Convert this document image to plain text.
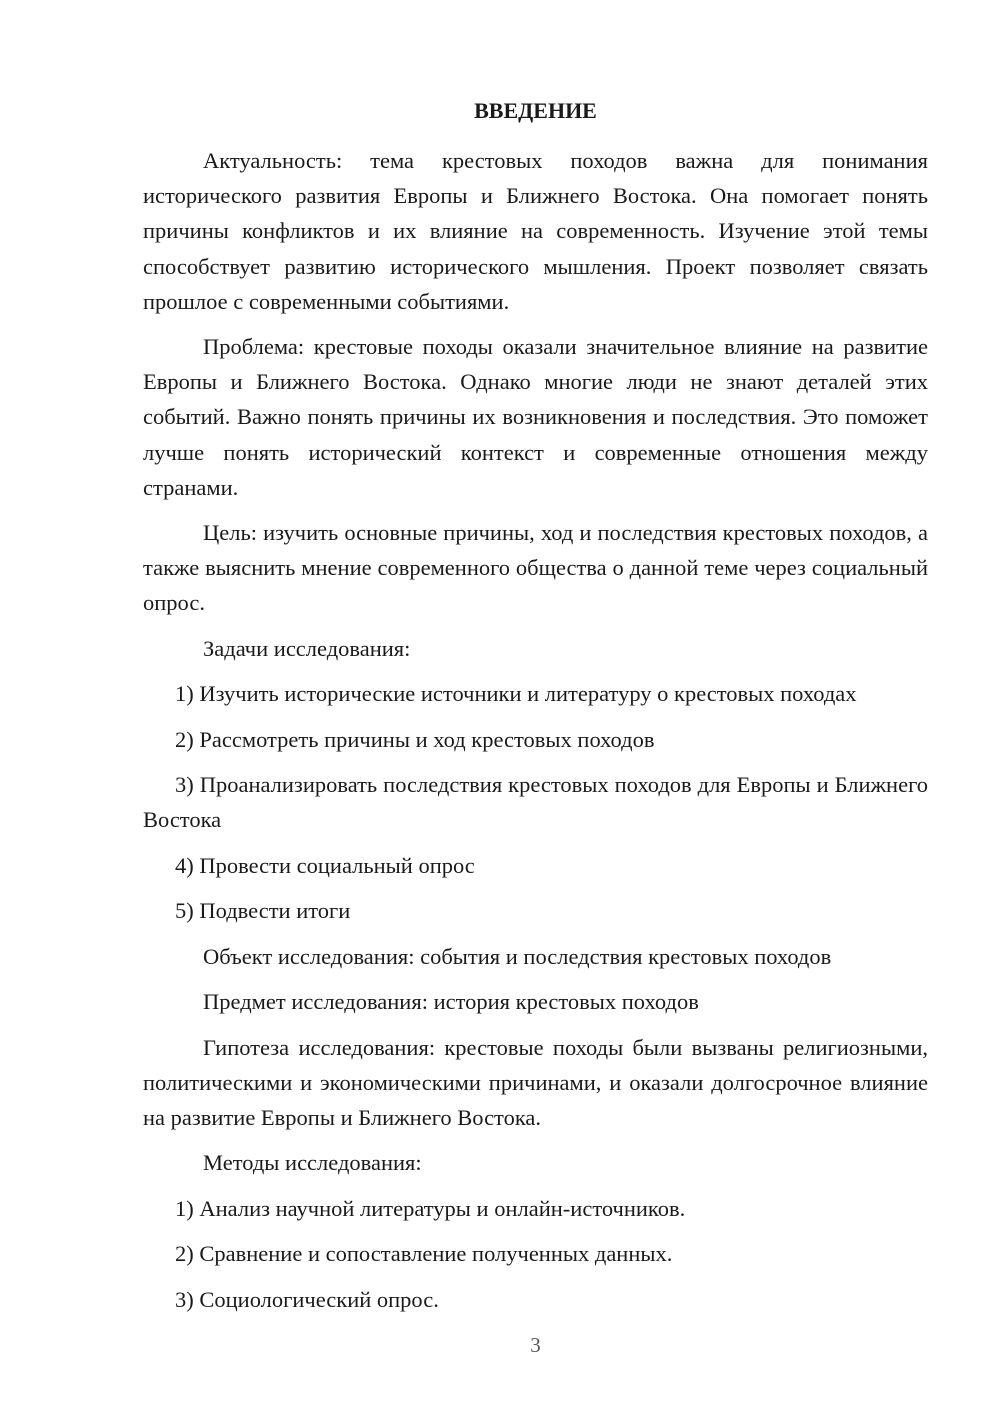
ВВЕДЕНИЕ

Актуальность: тема крестовых походов важна для понимания исторического развития Европы и Ближнего Востока. Она помогает понять причины конфликтов и их влияние на современность. Изучение этой темы способствует развитию исторического мышления. Проект позволяет связать прошлое с современными событиями.

Проблема: крестовые походы оказали значительное влияние на развитие Европы и Ближнего Востока. Однако многие люди не знают деталей этих событий. Важно понять причины их возникновения и последствия. Это поможет лучше понять исторический контекст и современные отношения между странами.

Цель: изучить основные причины, ход и последствия крестовых походов, а также выяснить мнение современного общества о данной теме через социальный опрос.

Задачи исследования:

1) Изучить исторические источники и литературу о крестовых походах

2) Рассмотреть причины и ход крестовых походов

3) Проанализировать последствия крестовых походов для Европы и Ближнего Востока

4) Провести социальный опрос

5) Подвести итоги

Объект исследования: события и последствия крестовых походов

Предмет исследования: история крестовых походов

Гипотеза исследования: крестовые походы были вызваны религиозными, политическими и экономическими причинами, и оказали долгосрочное влияние на развитие Европы и Ближнего Востока.

Методы исследования:

1) Анализ научной литературы и онлайн-источников.

2) Сравнение и сопоставление полученных данных.

3) Социологический опрос.

3
